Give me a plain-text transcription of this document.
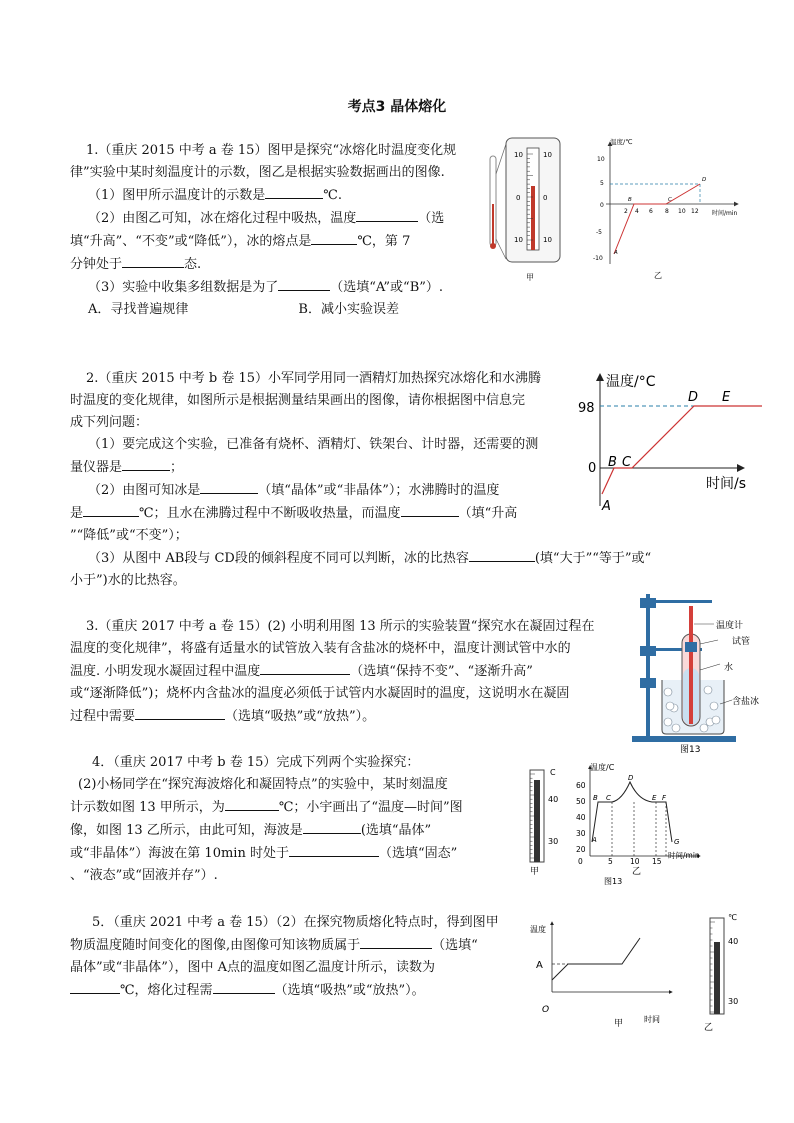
考点3 晶体熔化

1.（重庆 2015 中考 a 卷 15）图甲是探究“冰熔化时温度变化规

律”实验中某时刻温度计的示数，图乙是根据实验数据画出的图像.

（1）图甲所示温度计的示数是	℃.

（2）由图乙可知，冰在熔化过程中吸热，温度	（选

填“升高”、“不变”或“降低”），冰的熔点是	℃，第 7

分钟处于	态.

（3）实验中收集多组数据是为了	（选填“A”或“B”）.

A．寻找普遍规律	B．减小实验误差

10	10
0	0
10	10
甲
温度/℃
时间/min
10
5
0
-5
-10
2 4 6 8 10 12
A
B	C
D
乙

2.（重庆 2015 中考 b 卷 15）小军同学用同一酒精灯加热探究冰熔化和水沸腾

时温度的变化规律，如图所示是根据测量结果画出的图像，请你根据图中信息完

成下列问题：

（1）要完成这个实验，已准备有烧杯、酒精灯、铁架台、计时器，还需要的测

量仪器是	；

（2）由图可知冰是	（填“晶体”或“非晶体”）；水沸腾时的温度

是	℃；且水在沸腾过程中不断吸收热量，而温度	（填“升高

”“降低”或“不变”）；

（3）从图中 AB段与 CD段的倾斜程度不同可以判断，冰的比热容	(填“大于”“等于”或“

小于”)水的比热容。

温度/°C
时间/s
98
0
A
B C
D E

3.（重庆 2017 中考 a 卷 15）(2) 小明利用图 13 所示的实验装置“探究水在凝固过程在

温度的变化规律”，将盛有适量水的试管放入装有含盐冰的烧杯中，温度计测试管中水的

温度. 小明发现水凝固过程中温度	（选填“保持不变”、“逐渐升高”

或“逐渐降低”)；烧杯内含盐冰的温度必须低于试管内水凝固时的温度，这说明水在凝固

过程中需要	（选填“吸热”或“放热”）。

温度计
试管
水
含盐冰
图13

4．（重庆 2017 中考 b 卷 15）完成下列两个实验探究：

(2)小杨同学在“探究海波熔化和凝固特点”的实验中，某时刻温度

计示数如图 13 甲所示，为	℃；小宇画出了“温度—时间”图

像，如图 13 乙所示，由此可知，海波是	(选填“晶体”

或“非晶体”）海波在第 10min 时处于	（选填“固态”

、“液态”或“固液并存”）.

C
40
30
甲
温度/C
时间/min
60
50
40
30
20
0	5 10 15
A
B C
D
E F
G
乙
图13

5．（重庆 2021 中考 a 卷 15）（2）在探究物质熔化特点时，得到图甲

物质温度随时间变化的图像,由图像可知该物质属于	（选填“

晶体”或“非晶体”），图中 A点的温度如图乙温度计所示，读数为

℃，熔化过程需	（选填“吸热”或“放热”）。

温度
时间
A
O
甲
℃
40
30
乙
